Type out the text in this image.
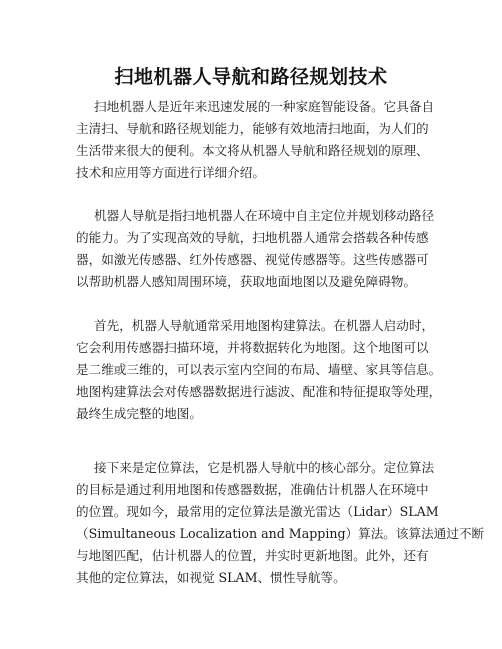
扫地机器人导航和路径规划技术
扫地机器人是近年来迅速发展的一种家庭智能设备。它具备自
主清扫、导航和路径规划能力，能够有效地清扫地面，为人们的
生活带来很大的便利。本文将从机器人导航和路径规划的原理、
技术和应用等方面进行详细介绍。
机器人导航是指扫地机器人在环境中自主定位并规划移动路径
的能力。为了实现高效的导航，扫地机器人通常会搭载各种传感
器，如激光传感器、红外传感器、视觉传感器等。这些传感器可
以帮助机器人感知周围环境，获取地面地图以及避免障碍物。
首先，机器人导航通常采用地图构建算法。在机器人启动时，
它会利用传感器扫描环境，并将数据转化为地图。这个地图可以
是二维或三维的，可以表示室内空间的布局、墙壁、家具等信息。
地图构建算法会对传感器数据进行滤波、配准和特征提取等处理，
最终生成完整的地图。
接下来是定位算法，它是机器人导航中的核心部分。定位算法
的目标是通过利用地图和传感器数据，准确估计机器人在环境中
的位置。现如今，最常用的定位算法是激光雷达（Lidar）SLAM
（Simultaneous Localization and Mapping）算法。该算法通过不断
与地图匹配，估计机器人的位置，并实时更新地图。此外，还有
其他的定位算法，如视觉 SLAM、惯性导航等。
